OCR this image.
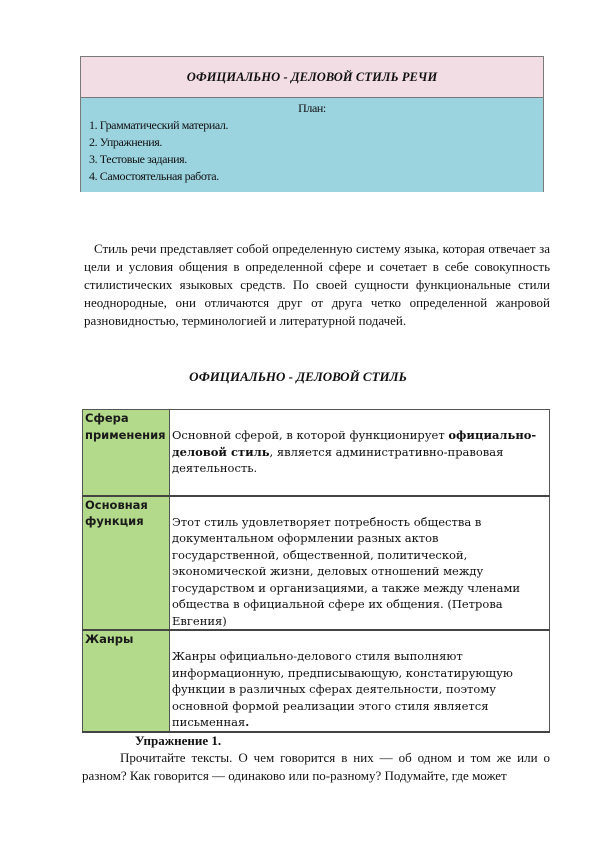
ОФИЦИАЛЬНО - ДЕЛОВОЙ СТИЛЬ РЕЧИ
План:
1. Грамматический материал.
2. Упражнения.
3. Тестовые задания.
4. Самостоятельная работа.

Стиль речи представляет собой определенную систему языка, которая отвечает за цели и условия общения в определенной сфере и сочетает в себе совокупность стилистических языковых средств. По своей сущности функциональные стили неоднородные, они отличаются друг от друга четко определенной жанровой разновидностью, терминологией и литературной подачей.

ОФИЦИАЛЬНО - ДЕЛОВОЙ СТИЛЬ
Сфера применения	Основной сферой, в которой функционирует официально-деловой стиль, является административно-правовая деятельность.
Основная функция	Этот стиль удовлетворяет потребность общества в документальном оформлении разных актов государственной, общественной, политической, экономической жизни, деловых отношений между государством и организациями, а также между членами общества в официальной сфере их общения. (Петрова Евгения)
Жанры	Жанры официально-делового стиля выполняют информационную, предписывающую, констатирующую функции в различных сферах деятельности, поэтому основной формой реализации этого стиля является письменная.
Упражнение 1.

Прочитайте тексты. О чем говорится в них — об одном и том же или о разном? Как говорится — одинаково или по-разному? Подумайте, где может
